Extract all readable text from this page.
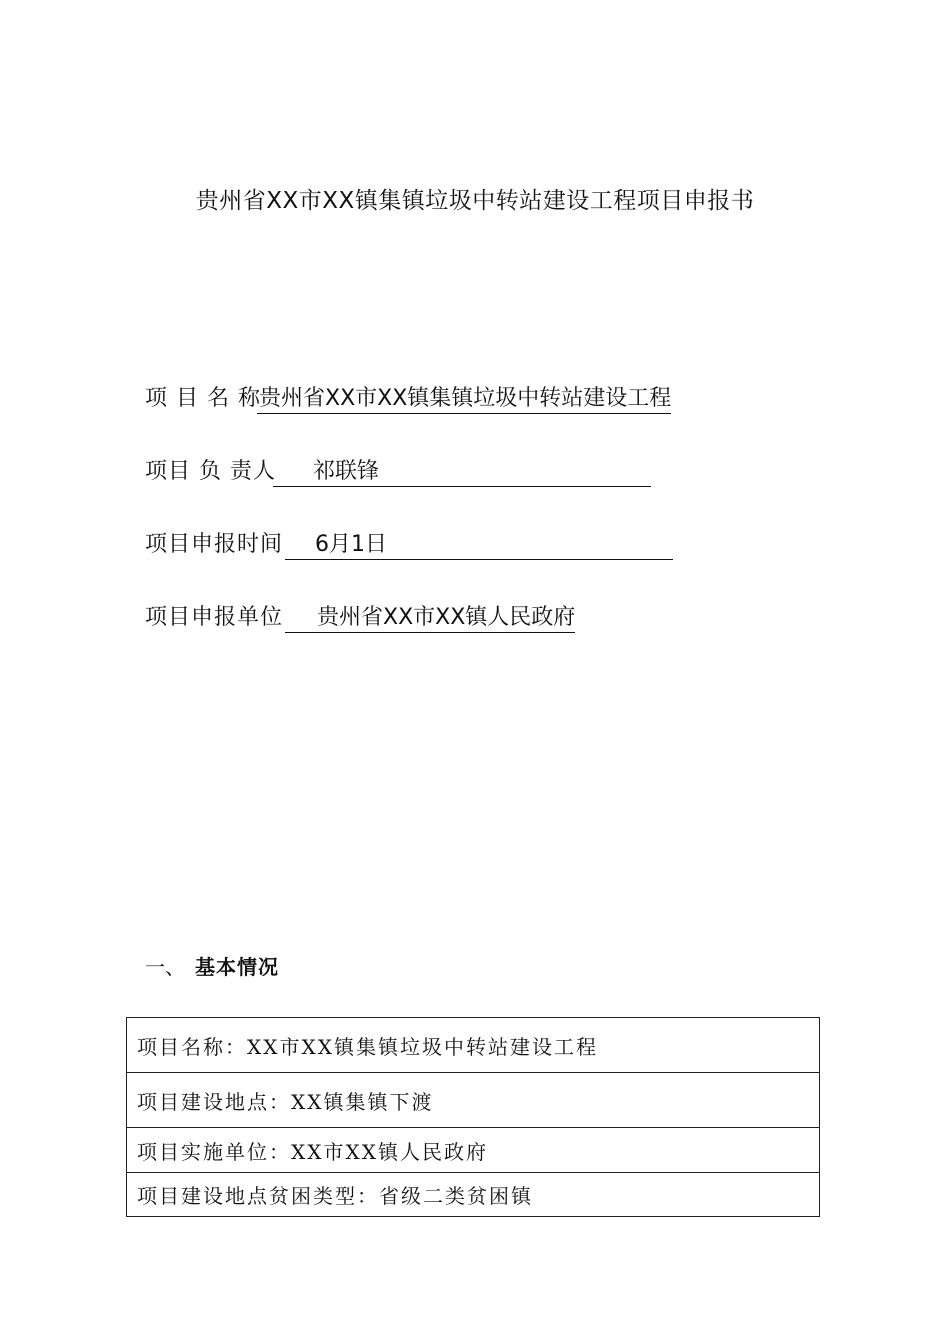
贵州省XX市XX镇集镇垃圾中转站建设工程项目申报书
项 目 名 称贵州省XX市XX镇集镇垃圾中转站建设工程
项目 负 责人 祁联锋
项目申报时间 6月1日
项目申报单位 贵州省XX市XX镇人民政府
一、 基本情况
项目名称：XX市XX镇集镇垃圾中转站建设工程
项目建设地点：XX镇集镇下渡
项目实施单位：XX市XX镇人民政府
项目建设地点贫困类型：省级二类贫困镇
